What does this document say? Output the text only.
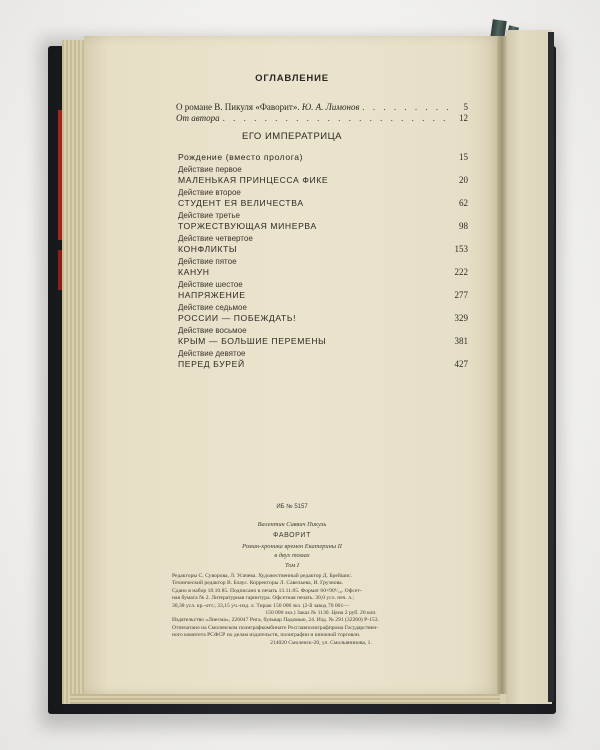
ОГЛАВЛЕНИЕ
О романе В. Пикуля «Фаворит». Ю. А. Лимонов . . .	5
От автора . . .	12
ЕГО ИМПЕРАТРИЦА
Рождение (вместо пролога)	15
Действие первое
МАЛЕНЬКАЯ ПРИНЦЕССА ФИКЕ	20
Действие второе
СТУДЕНТ ЕЯ ВЕЛИЧЕСТВА	62
Действие третье
ТОРЖЕСТВУЮЩАЯ МИНЕРВА	98
Действие четвертое
КОНФЛИКТЫ	153
Действие пятое
КАНУН	222
Действие шестое
НАПРЯЖЕНИЕ	277
Действие седьмое
РОССИИ — ПОБЕЖДАТЬ!	329
Действие восьмое
КРЫМ — БОЛЬШИЕ ПЕРЕМЕНЫ	381
Действие девятое
ПЕРЕД БУРЕЙ	427
ИБ № 5157
Валентин Саввич Пикуль
ФАВОРИТ
Роман-хроника времен Екатерины II
в двух томах
Том I
Редакторы С. Суворова, Л. Усачева. Художественный редактор Д. Брейшис.
Технический редактор В. Блаус. Корректоры Л. Савельева, И. Грузнова.
Сдано в набор 18.10.85. Подписано в печать 13.11.85. Формат 60×90¹/₁₆. Офсет-
ная бумага № 2. Литературная гарнитура. Офсетная печать. 30,0 усл. печ. л.;
30,38 усл. кр.-отт.; 33,15 уч.-изд. л. Тираж 150 000 экз. (2-й завод 70 001—
150 000 экз.) Заказ № 1130. Цена 2 руб. 20 коп.
Издательство «Лиесма», 226047 Рига, бульвар Падомью, 24. Изд. № 291 (32260) Р-153.
Отпечатано на Смоленском полиграфкомбинате Росглавполиграфпрома Государствен-
ного комитета РСФСР по делам издательств, полиграфии и книжной торговли.
214020 Смоленск-20, ул. Смольянинова, 1.
